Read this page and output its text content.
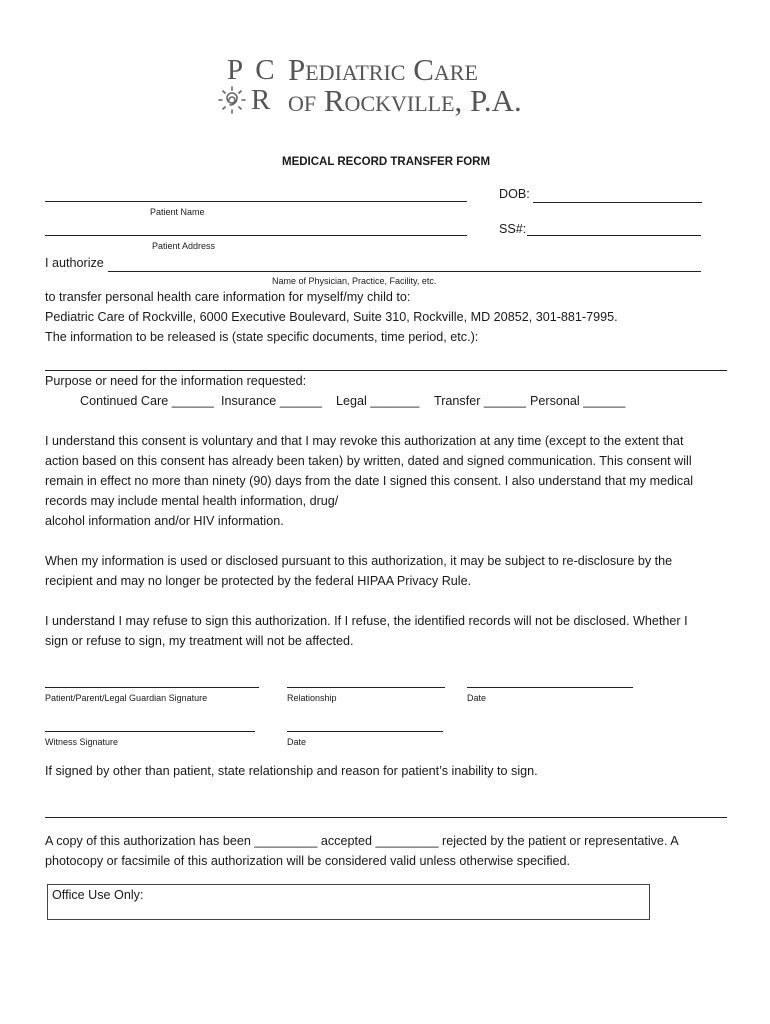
P C
R
Pediatric Care
of Rockville, P.A.
MEDICAL RECORD TRANSFER FORM
Patient Name
DOB:
Patient Address
SS#:
I authorize
Name of Physician, Practice, Facility, etc.
to transfer personal health care information for myself/my child to:
Pediatric Care of Rockville, 6000 Executive Boulevard, Suite 310, Rockville, MD 20852, 301-881-7995.
The information to be released is (state specific documents, time period, etc.):
Purpose or need for the information requested:
Continued Care ______ Insurance ______ Legal _______ Transfer ______ Personal ______
I understand this consent is voluntary and that I may revoke this authorization at any time (except to the extent that
action based on this consent has already been taken) by written, dated and signed communication. This consent will
remain in effect no more than ninety (90) days from the date I signed this consent. I also understand that my medical
records may include mental health information, drug/
alcohol information and/or HIV information.
When my information is used or disclosed pursuant to this authorization, it may be subject to re-disclosure by the
recipient and may no longer be protected by the federal HIPAA Privacy Rule.
I understand I may refuse to sign this authorization. If I refuse, the identified records will not be disclosed. Whether I
sign or refuse to sign, my treatment will not be affected.
Patient/Parent/Legal Guardian Signature	Relationship	Date
Witness Signature	Date
If signed by other than patient, state relationship and reason for patient’s inability to sign.
A copy of this authorization has been _________ accepted _________ rejected by the patient or representative. A
photocopy or facsimile of this authorization will be considered valid unless otherwise specified.
Office Use Only:
